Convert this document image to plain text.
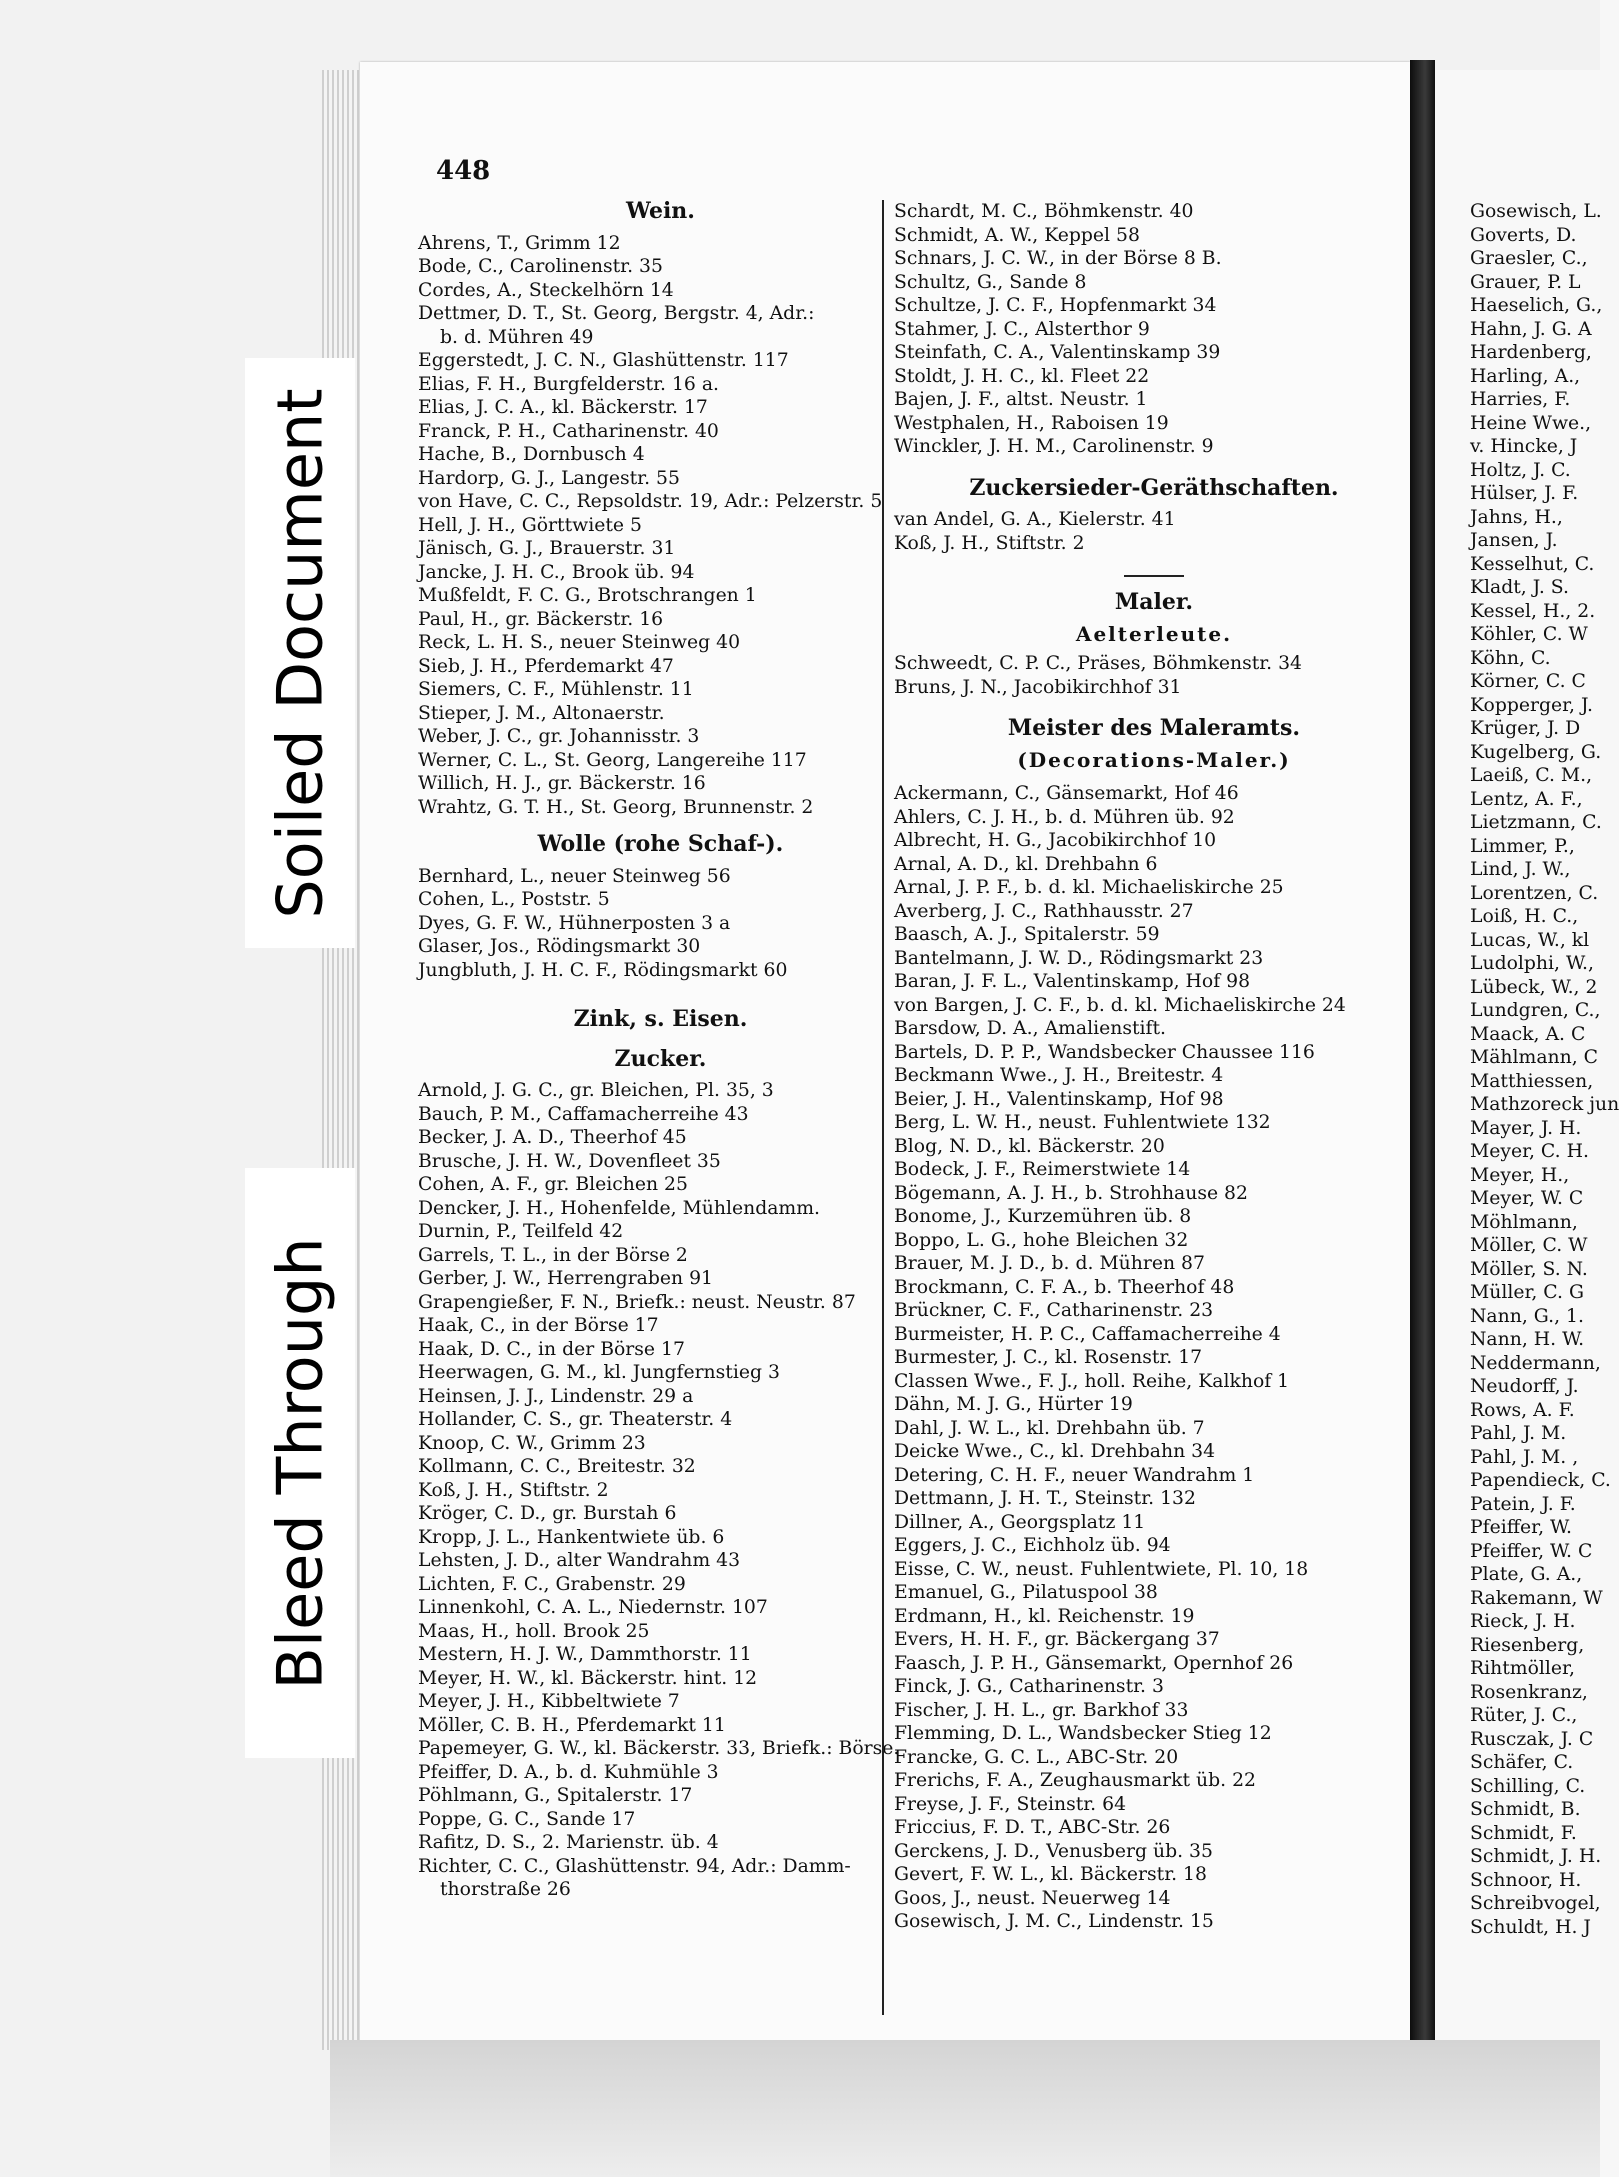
Soiled Document
Bleed Through
448
Wein.
Ahrens, T., Grimm 12
Bode, C., Carolinenstr. 35
Cordes, A., Steckelhörn 14
Dettmer, D. T., St. Georg, Bergstr. 4, Adr.:
b. d. Mühren 49
Eggerstedt, J. C. N., Glashüttenstr. 117
Elias, F. H., Burgfelderstr. 16 a.
Elias, J. C. A., kl. Bäckerstr. 17
Franck, P. H., Catharinenstr. 40
Hache, B., Dornbusch 4
Hardorp, G. J., Langestr. 55
von Have, C. C., Repsoldstr. 19, Adr.: Pelzerstr. 5
Hell, J. H., Görttwiete 5
Jänisch, G. J., Brauerstr. 31
Jancke, J. H. C., Brook üb. 94
Mußfeldt, F. C. G., Brotschrangen 1
Paul, H., gr. Bäckerstr. 16
Reck, L. H. S., neuer Steinweg 40
Sieb, J. H., Pferdemarkt 47
Siemers, C. F., Mühlenstr. 11
Stieper, J. M., Altonaerstr.
Weber, J. C., gr. Johannisstr. 3
Werner, C. L., St. Georg, Langereihe 117
Willich, H. J., gr. Bäckerstr. 16
Wrahtz, G. T. H., St. Georg, Brunnenstr. 2
Wolle (rohe Schaf-).
Bernhard, L., neuer Steinweg 56
Cohen, L., Poststr. 5
Dyes, G. F. W., Hühnerposten 3 a
Glaser, Jos., Rödingsmarkt 30
Jungbluth, J. H. C. F., Rödingsmarkt 60
Zink, s. Eisen.
Zucker.
Arnold, J. G. C., gr. Bleichen, Pl. 35, 3
Bauch, P. M., Caffamacherreihe 43
Becker, J. A. D., Theerhof 45
Brusche, J. H. W., Dovenfleet 35
Cohen, A. F., gr. Bleichen 25
Dencker, J. H., Hohenfelde, Mühlendamm.
Durnin, P., Teilfeld 42
Garrels, T. L., in der Börse 2
Gerber, J. W., Herrengraben 91
Grapengießer, F. N., Briefk.: neust. Neustr. 87
Haak, C., in der Börse 17
Haak, D. C., in der Börse 17
Heerwagen, G. M., kl. Jungfernstieg 3
Heinsen, J. J., Lindenstr. 29 a
Hollander, C. S., gr. Theaterstr. 4
Knoop, C. W., Grimm 23
Kollmann, C. C., Breitestr. 32
Koß, J. H., Stiftstr. 2
Kröger, C. D., gr. Burstah 6
Kropp, J. L., Hankentwiete üb. 6
Lehsten, J. D., alter Wandrahm 43
Lichten, F. C., Grabenstr. 29
Linnenkohl, C. A. L., Niedernstr. 107
Maas, H., holl. Brook 25
Mestern, H. J. W., Dammthorstr. 11
Meyer, H. W., kl. Bäckerstr. hint. 12
Meyer, J. H., Kibbeltwiete 7
Möller, C. B. H., Pferdemarkt 11
Papemeyer, G. W., kl. Bäckerstr. 33, Briefk.: Börse.
Pfeiffer, D. A., b. d. Kuhmühle 3
Pöhlmann, G., Spitalerstr. 17
Poppe, G. C., Sande 17
Rafitz, D. S., 2. Marienstr. üb. 4
Richter, C. C., Glashüttenstr. 94, Adr.: Damm-
thorstraße 26
Schardt, M. C., Böhmkenstr. 40
Schmidt, A. W., Keppel 58
Schnars, J. C. W., in der Börse 8 B.
Schultz, G., Sande 8
Schultze, J. C. F., Hopfenmarkt 34
Stahmer, J. C., Alsterthor 9
Steinfath, C. A., Valentinskamp 39
Stoldt, J. H. C., kl. Fleet 22
Bajen, J. F., altst. Neustr. 1
Westphalen, H., Raboisen 19
Winckler, J. H. M., Carolinenstr. 9
Zuckersieder-Geräthschaften.
van Andel, G. A., Kielerstr. 41
Koß, J. H., Stiftstr. 2
Maler.
Aelterleute.
Schweedt, C. P. C., Präses, Böhmkenstr. 34
Bruns, J. N., Jacobikirchhof 31
Meister des Maleramts.
(Decorations-Maler.)
Ackermann, C., Gänsemarkt, Hof 46
Ahlers, C. J. H., b. d. Mühren üb. 92
Albrecht, H. G., Jacobikirchhof 10
Arnal, A. D., kl. Drehbahn 6
Arnal, J. P. F., b. d. kl. Michaeliskirche 25
Averberg, J. C., Rathhausstr. 27
Baasch, A. J., Spitalerstr. 59
Bantelmann, J. W. D., Rödingsmarkt 23
Baran, J. F. L., Valentinskamp, Hof 98
von Bargen, J. C. F., b. d. kl. Michaeliskirche 24
Barsdow, D. A., Amalienstift.
Bartels, D. P. P., Wandsbecker Chaussee 116
Beckmann Wwe., J. H., Breitestr. 4
Beier, J. H., Valentinskamp, Hof 98
Berg, L. W. H., neust. Fuhlentwiete 132
Blog, N. D., kl. Bäckerstr. 20
Bodeck, J. F., Reimerstwiete 14
Bögemann, A. J. H., b. Strohhause 82
Bonome, J., Kurzemühren üb. 8
Boppo, L. G., hohe Bleichen 32
Brauer, M. J. D., b. d. Mühren 87
Brockmann, C. F. A., b. Theerhof 48
Brückner, C. F., Catharinenstr. 23
Burmeister, H. P. C., Caffamacherreihe 4
Burmester, J. C., kl. Rosenstr. 17
Classen Wwe., F. J., holl. Reihe, Kalkhof 1
Dähn, M. J. G., Hürter 19
Dahl, J. W. L., kl. Drehbahn üb. 7
Deicke Wwe., C., kl. Drehbahn 34
Detering, C. H. F., neuer Wandrahm 1
Dettmann, J. H. T., Steinstr. 132
Dillner, A., Georgsplatz 11
Eggers, J. C., Eichholz üb. 94
Eisse, C. W., neust. Fuhlentwiete, Pl. 10, 18
Emanuel, G., Pilatuspool 38
Erdmann, H., kl. Reichenstr. 19
Evers, H. H. F., gr. Bäckergang 37
Faasch, J. P. H., Gänsemarkt, Opernhof 26
Finck, J. G., Catharinenstr. 3
Fischer, J. H. L., gr. Barkhof 33
Flemming, D. L., Wandsbecker Stieg 12
Francke, G. C. L., ABC-Str. 20
Frerichs, F. A., Zeughausmarkt üb. 22
Freyse, J. F., Steinstr. 64
Friccius, F. D. T., ABC-Str. 26
Gerckens, J. D., Venusberg üb. 35
Gevert, F. W. L., kl. Bäckerstr. 18
Goos, J., neust. Neuerweg 14
Gosewisch, J. M. C., Lindenstr. 15
Gosewisch, L.
Goverts, D.
Graesler, C.,
Grauer, P. L
Haeselich, G.,
Hahn, J. G. A
Hardenberg,
Harling, A.,
Harries, F.
Heine Wwe.,
v. Hincke, J
Holtz, J. C.
Hülser, J. F.
Jahns, H.,
Jansen, J.
Kesselhut, C.
Kladt, J. S.
Kessel, H., 2.
Köhler, C. W
Köhn, C.
Körner, C. C
Kopperger, J.
Krüger, J. D
Kugelberg, G.
Laeiß, C. M.,
Lentz, A. F.,
Lietzmann, C.
Limmer, P.,
Lind, J. W.,
Lorentzen, C.
Loiß, H. C.,
Lucas, W., kl
Ludolphi, W.,
Lübeck, W., 2
Lundgren, C.,
Maack, A. C
Mählmann, C
Matthiessen,
Mathzoreck jun
Mayer, J. H.
Meyer, C. H.
Meyer, H.,
Meyer, W. C
Möhlmann,
Möller, C. W
Möller, S. N.
Müller, C. G
Nann, G., 1.
Nann, H. W.
Neddermann,
Neudorff, J.
Rows, A. F.
Pahl, J. M.
Pahl, J. M. ,
Papendieck, C.
Patein, J. F.
Pfeiffer, W.
Pfeiffer, W. C
Plate, G. A.,
Rakemann, W
Rieck, J. H.
Riesenberg,
Rihtmöller,
Rosenkranz,
Rüter, J. C.,
Rusczak, J. C
Schäfer, C.
Schilling, C.
Schmidt, B.
Schmidt, F.
Schmidt, J. H.
Schnoor, H.
Schreibvogel,
Schuldt, H. J
